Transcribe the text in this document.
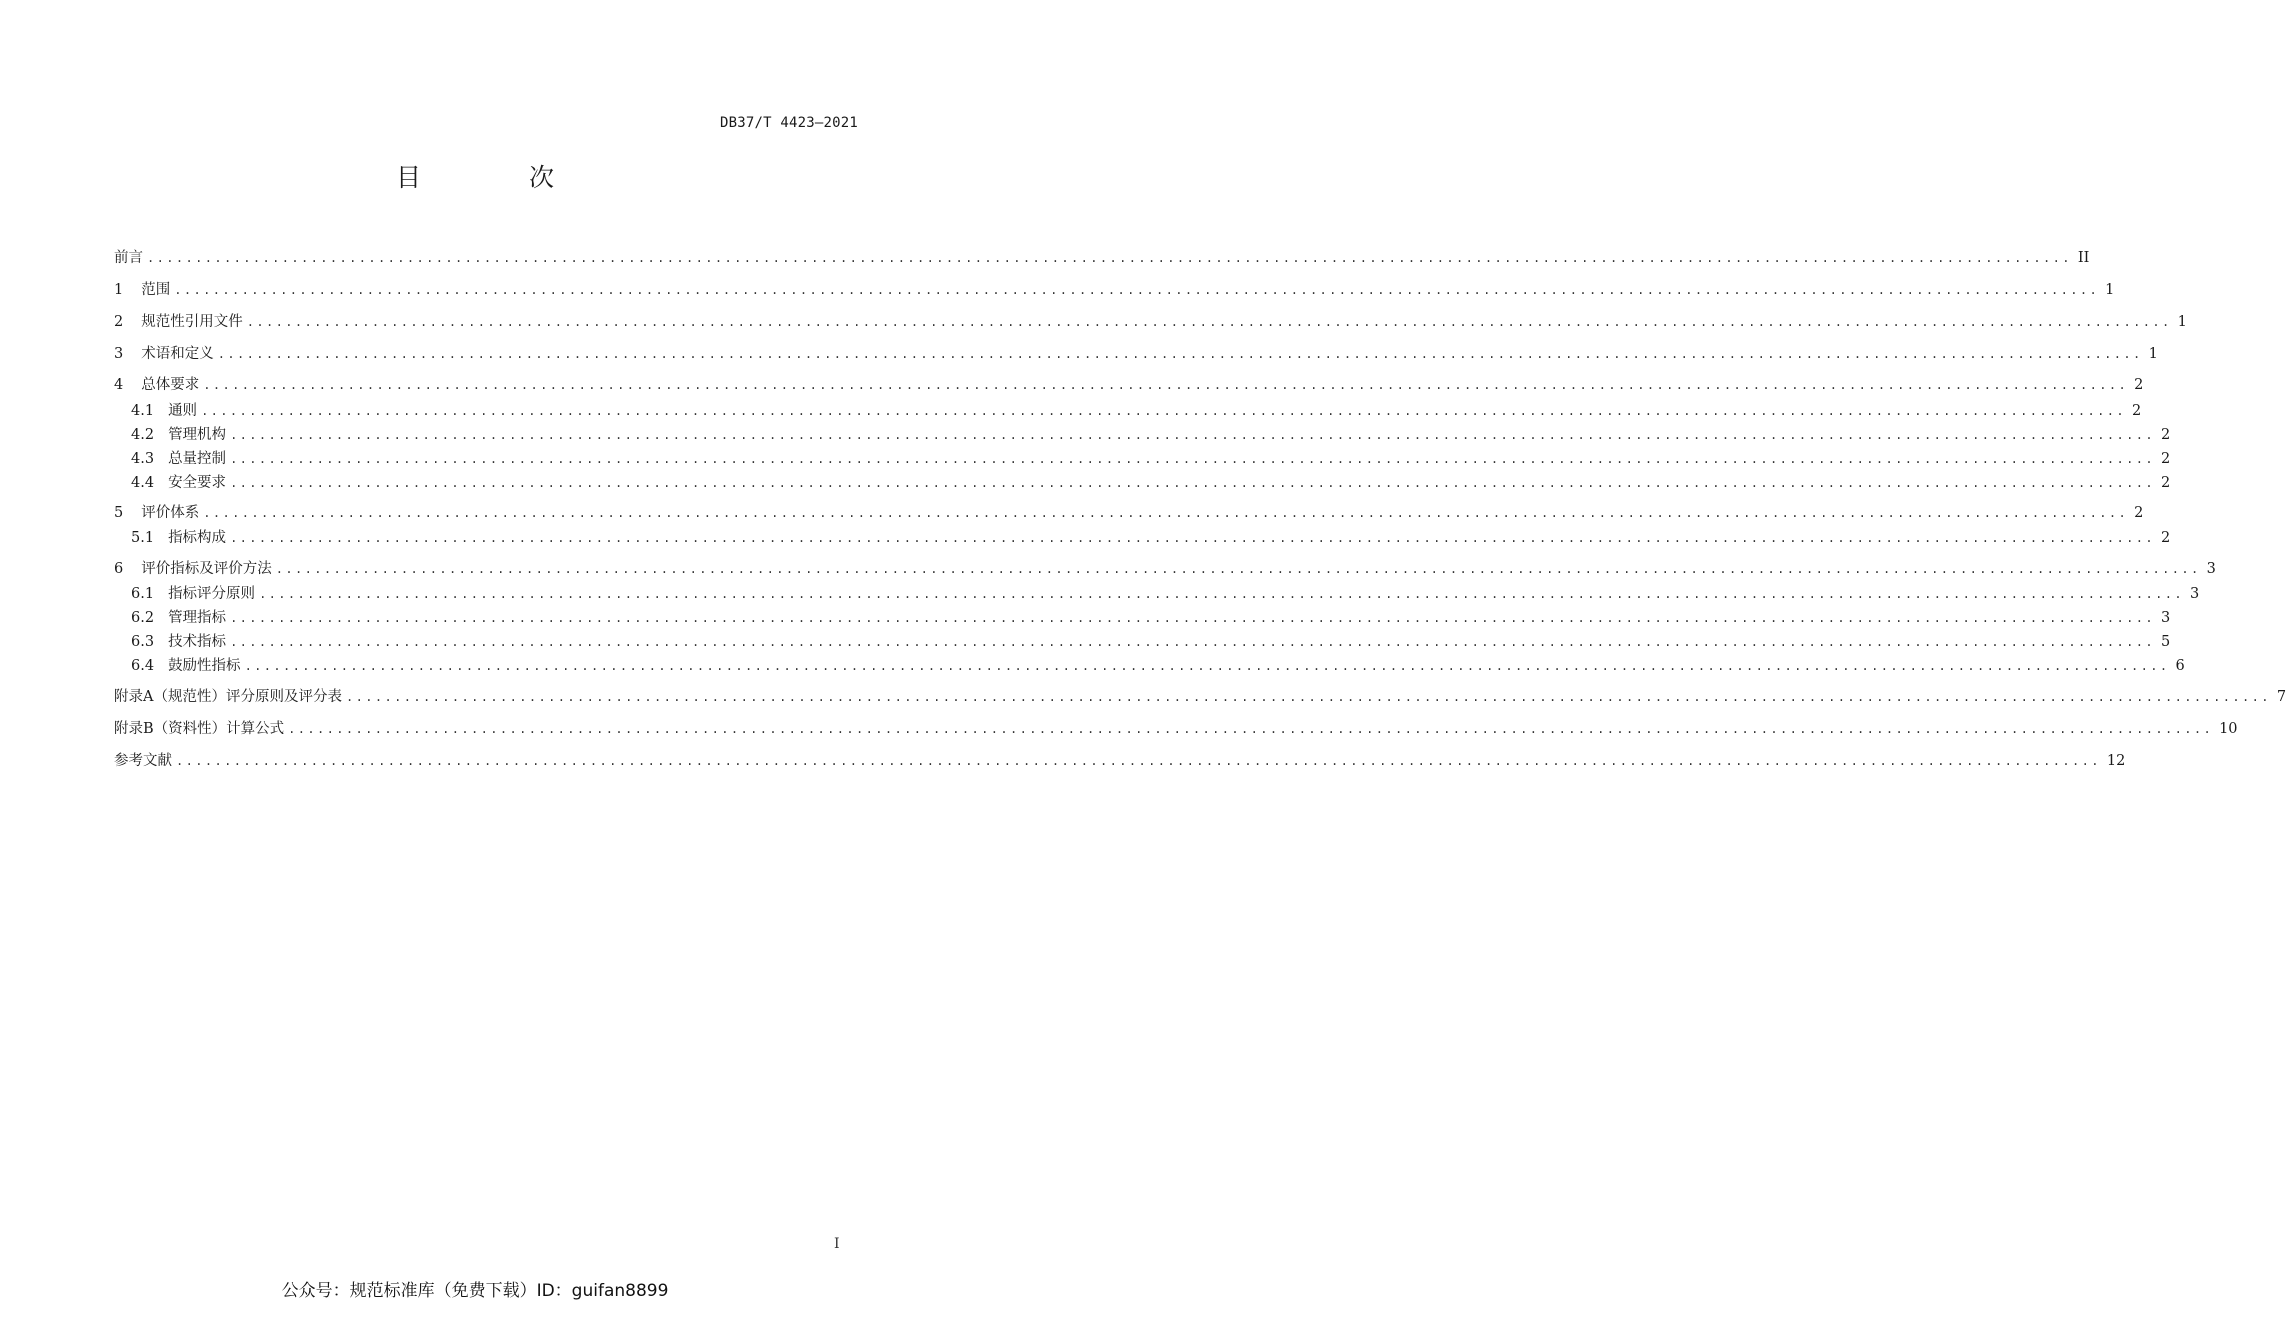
DB37/T 4423—2021
目 次
前言 ........................................................................................................................................................................................................ II
1 范围 ........................................................................................................................................................................................................ 1
2 规范性引用文件 ........................................................................................................................................................................................................ 1
3 术语和定义 ........................................................................................................................................................................................................ 1
4 总体要求 ........................................................................................................................................................................................................ 2
4.1 通则 ........................................................................................................................................................................................................ 2
4.2 管理机构 ........................................................................................................................................................................................................ 2
4.3 总量控制 ........................................................................................................................................................................................................ 2
4.4 安全要求 ........................................................................................................................................................................................................ 2
5 评价体系 ........................................................................................................................................................................................................ 2
5.1 指标构成 ........................................................................................................................................................................................................ 2
6 评价指标及评价方法 ........................................................................................................................................................................................................ 3
6.1 指标评分原则 ........................................................................................................................................................................................................ 3
6.2 管理指标 ........................................................................................................................................................................................................ 3
6.3 技术指标 ........................................................................................................................................................................................................ 5
6.4 鼓励性指标 ........................................................................................................................................................................................................ 6
附录A（规范性）评分原则及评分表 ........................................................................................................................................................................................................ 7
附录B（资料性）计算公式 ........................................................................................................................................................................................................ 10
参考文献 ........................................................................................................................................................................................................ 12
I
公众号：规范标准库（免费下载）ID：guifan8899
